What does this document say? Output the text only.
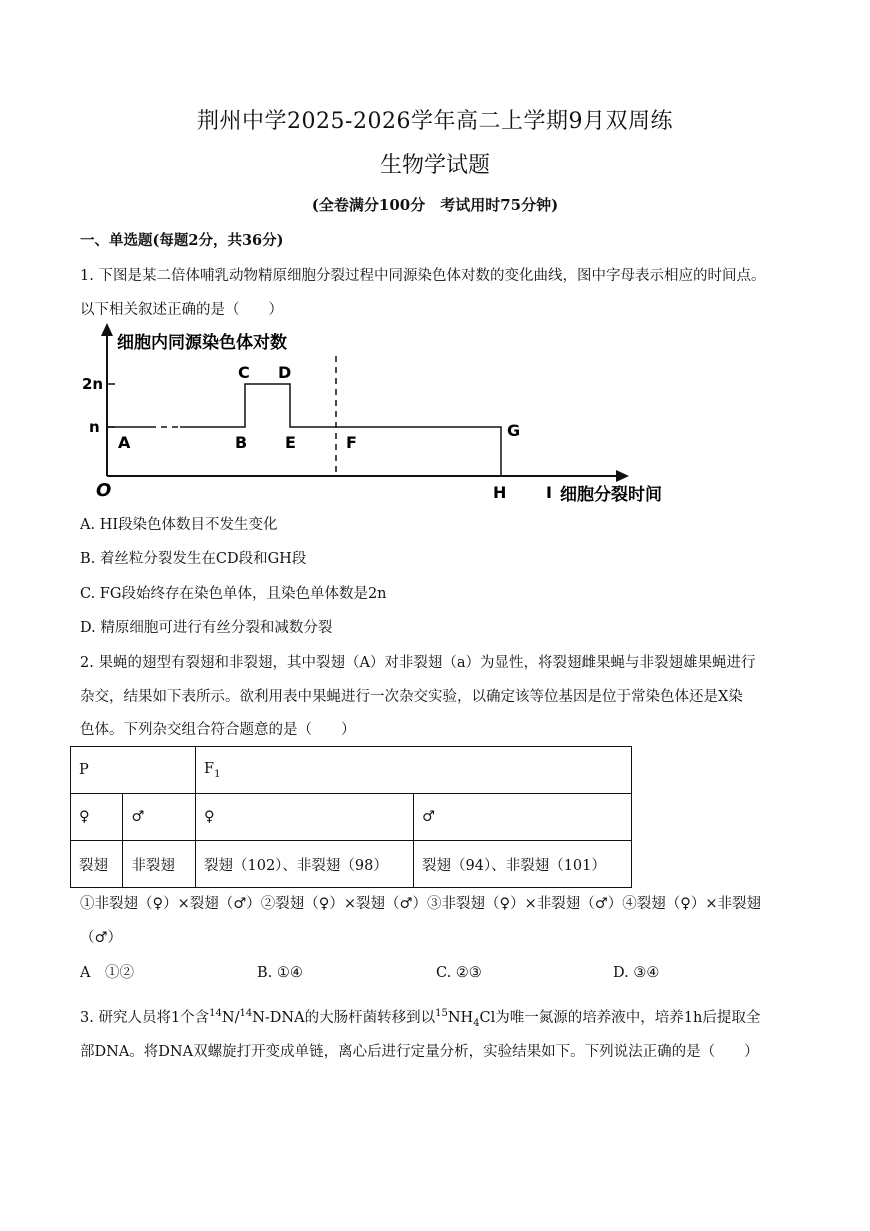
荆州中学2025-2026学年高二上学期9月双周练
生物学试题
(全卷满分100分　考试用时75分钟)
一、单选题(每题2分，共36分)
1. 下图是某二倍体哺乳动物精原细胞分裂过程中同源染色体对数的变化曲线，图中字母表示相应的时间点。
以下相关叙述正确的是（　　）
2n
n
细胞内同源染色体对数
A	B
C D
E	F
G
H I
O	细胞分裂时间
A. HI段染色体数目不发生变化
B. 着丝粒分裂发生在CD段和GH段
C. FG段始终存在染色单体，且染色单体数是2n
D. 精原细胞可进行有丝分裂和减数分裂
2. 果蝇的翅型有裂翅和非裂翅，其中裂翅（A）对非裂翅（a）为显性，将裂翅雌果蝇与非裂翅雄果蝇进行
杂交，结果如下表所示。欲利用表中果蝇进行一次杂交实验，以确定该等位基因是位于常染色体还是X染
色体。下列杂交组合符合题意的是（　　）
P		$F_1$
♀	♂	♀	♂
裂翅	非裂翅	裂翅（102）、非裂翅（98）	裂翅（94）、非裂翅（101）
①非裂翅（♀）×裂翅（♂）②裂翅（♀）×裂翅（♂）③非裂翅（♀）×非裂翅（♂）④裂翅（♀）×非裂翅
（♂）
A　①②	B. ①④	C. ②③	D. ③④
3. 研究人员将1个含$^{14}$N/$^{14}$N-DNA的大肠杆菌转移到以$^{15}NH_4Cl$为唯一氮源的培养液中，培养1h后提取全
部DNA。将DNA双螺旋打开变成单链，离心后进行定量分析，实验结果如下。下列说法正确的是（　　）
